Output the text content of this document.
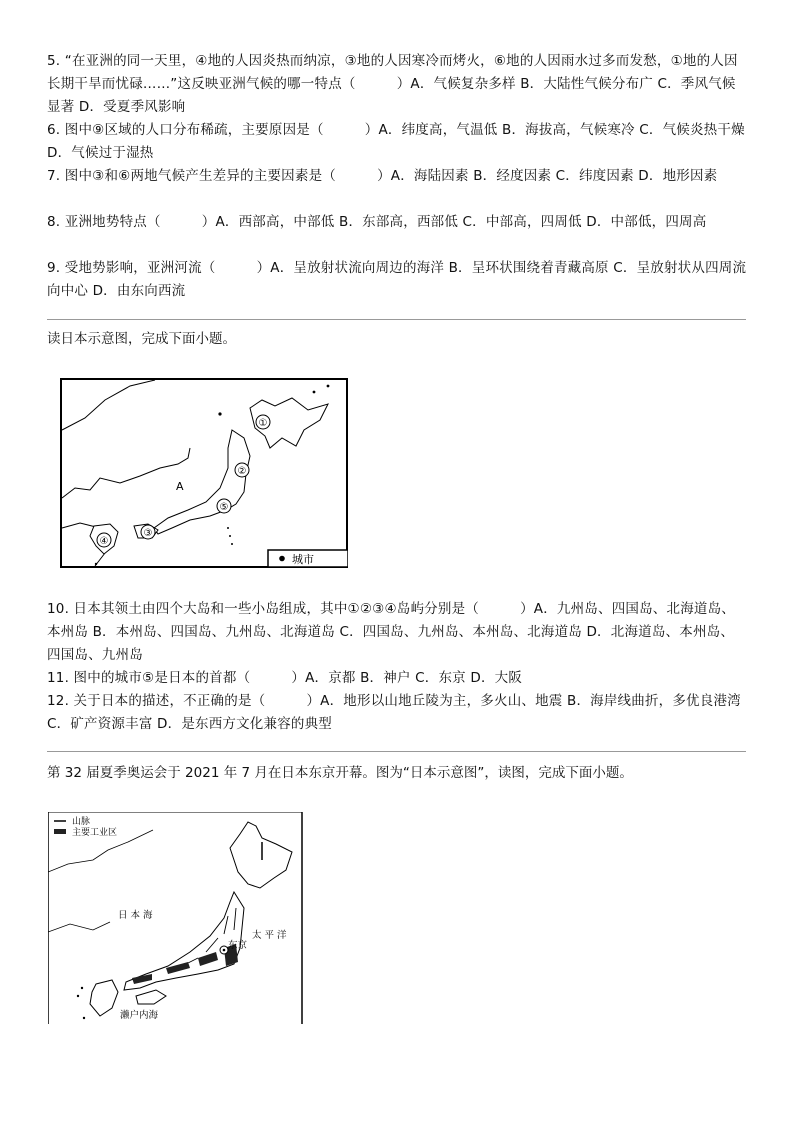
5. “在亚洲的同一天里，④地的人因炎热而纳凉，③地的人因寒冷而烤火，⑥地的人因雨水过多而发愁，①地的人因长期干旱而忧碌……”这反映亚洲气候的哪一特点（　　　）A．气候复杂多样 B．大陆性气候分布广 C．季风气候显著 D．受夏季风影响
6. 图中⑨区域的人口分布稀疏，主要原因是（　　　）A．纬度高，气温低 B．海拔高，气候寒冷 C．气候炎热干燥 D．气候过于湿热
7. 图中③和⑥两地气候产生差异的主要因素是（　　　）A．海陆因素 B．经度因素 C．纬度因素 D．地形因素
8. 亚洲地势特点（　　　）A．西部高，中部低 B．东部高，西部低 C．中部高，四周低 D．中部低，四周高
9. 受地势影响，亚洲河流（　　　）A．呈放射状流向周边的海洋 B．呈环状围绕着青藏高原 C．呈放射状从四周流向中心 D．由东向西流
读日本示意图，完成下面小题。
①
②
③
④
⑤
A
城市
10. 日本其领土由四个大岛和一些小岛组成，其中①②③④岛屿分别是（　　　）A．九州岛、四国岛、北海道岛、本州岛 B．本州岛、四国岛、九州岛、北海道岛 C．四国岛、九州岛、本州岛、北海道岛 D．北海道岛、本州岛、四国岛、九州岛
11. 图中的城市⑤是日本的首都（　　　）A．京都 B．神户 C．东京 D．大阪
12. 关于日本的描述，不正确的是（　　　）A．地形以山地丘陵为主，多火山、地震 B．海岸线曲折，多优良港湾 C．矿产资源丰富 D．是东西方文化兼容的典型
第 32 届夏季奥运会于 2021 年 7 月在日本东京开幕。图为“日本示意图”，读图，完成下面小题。
山脉
主要工业区
日 本 海
太 平 洋
东京
濑户内海
